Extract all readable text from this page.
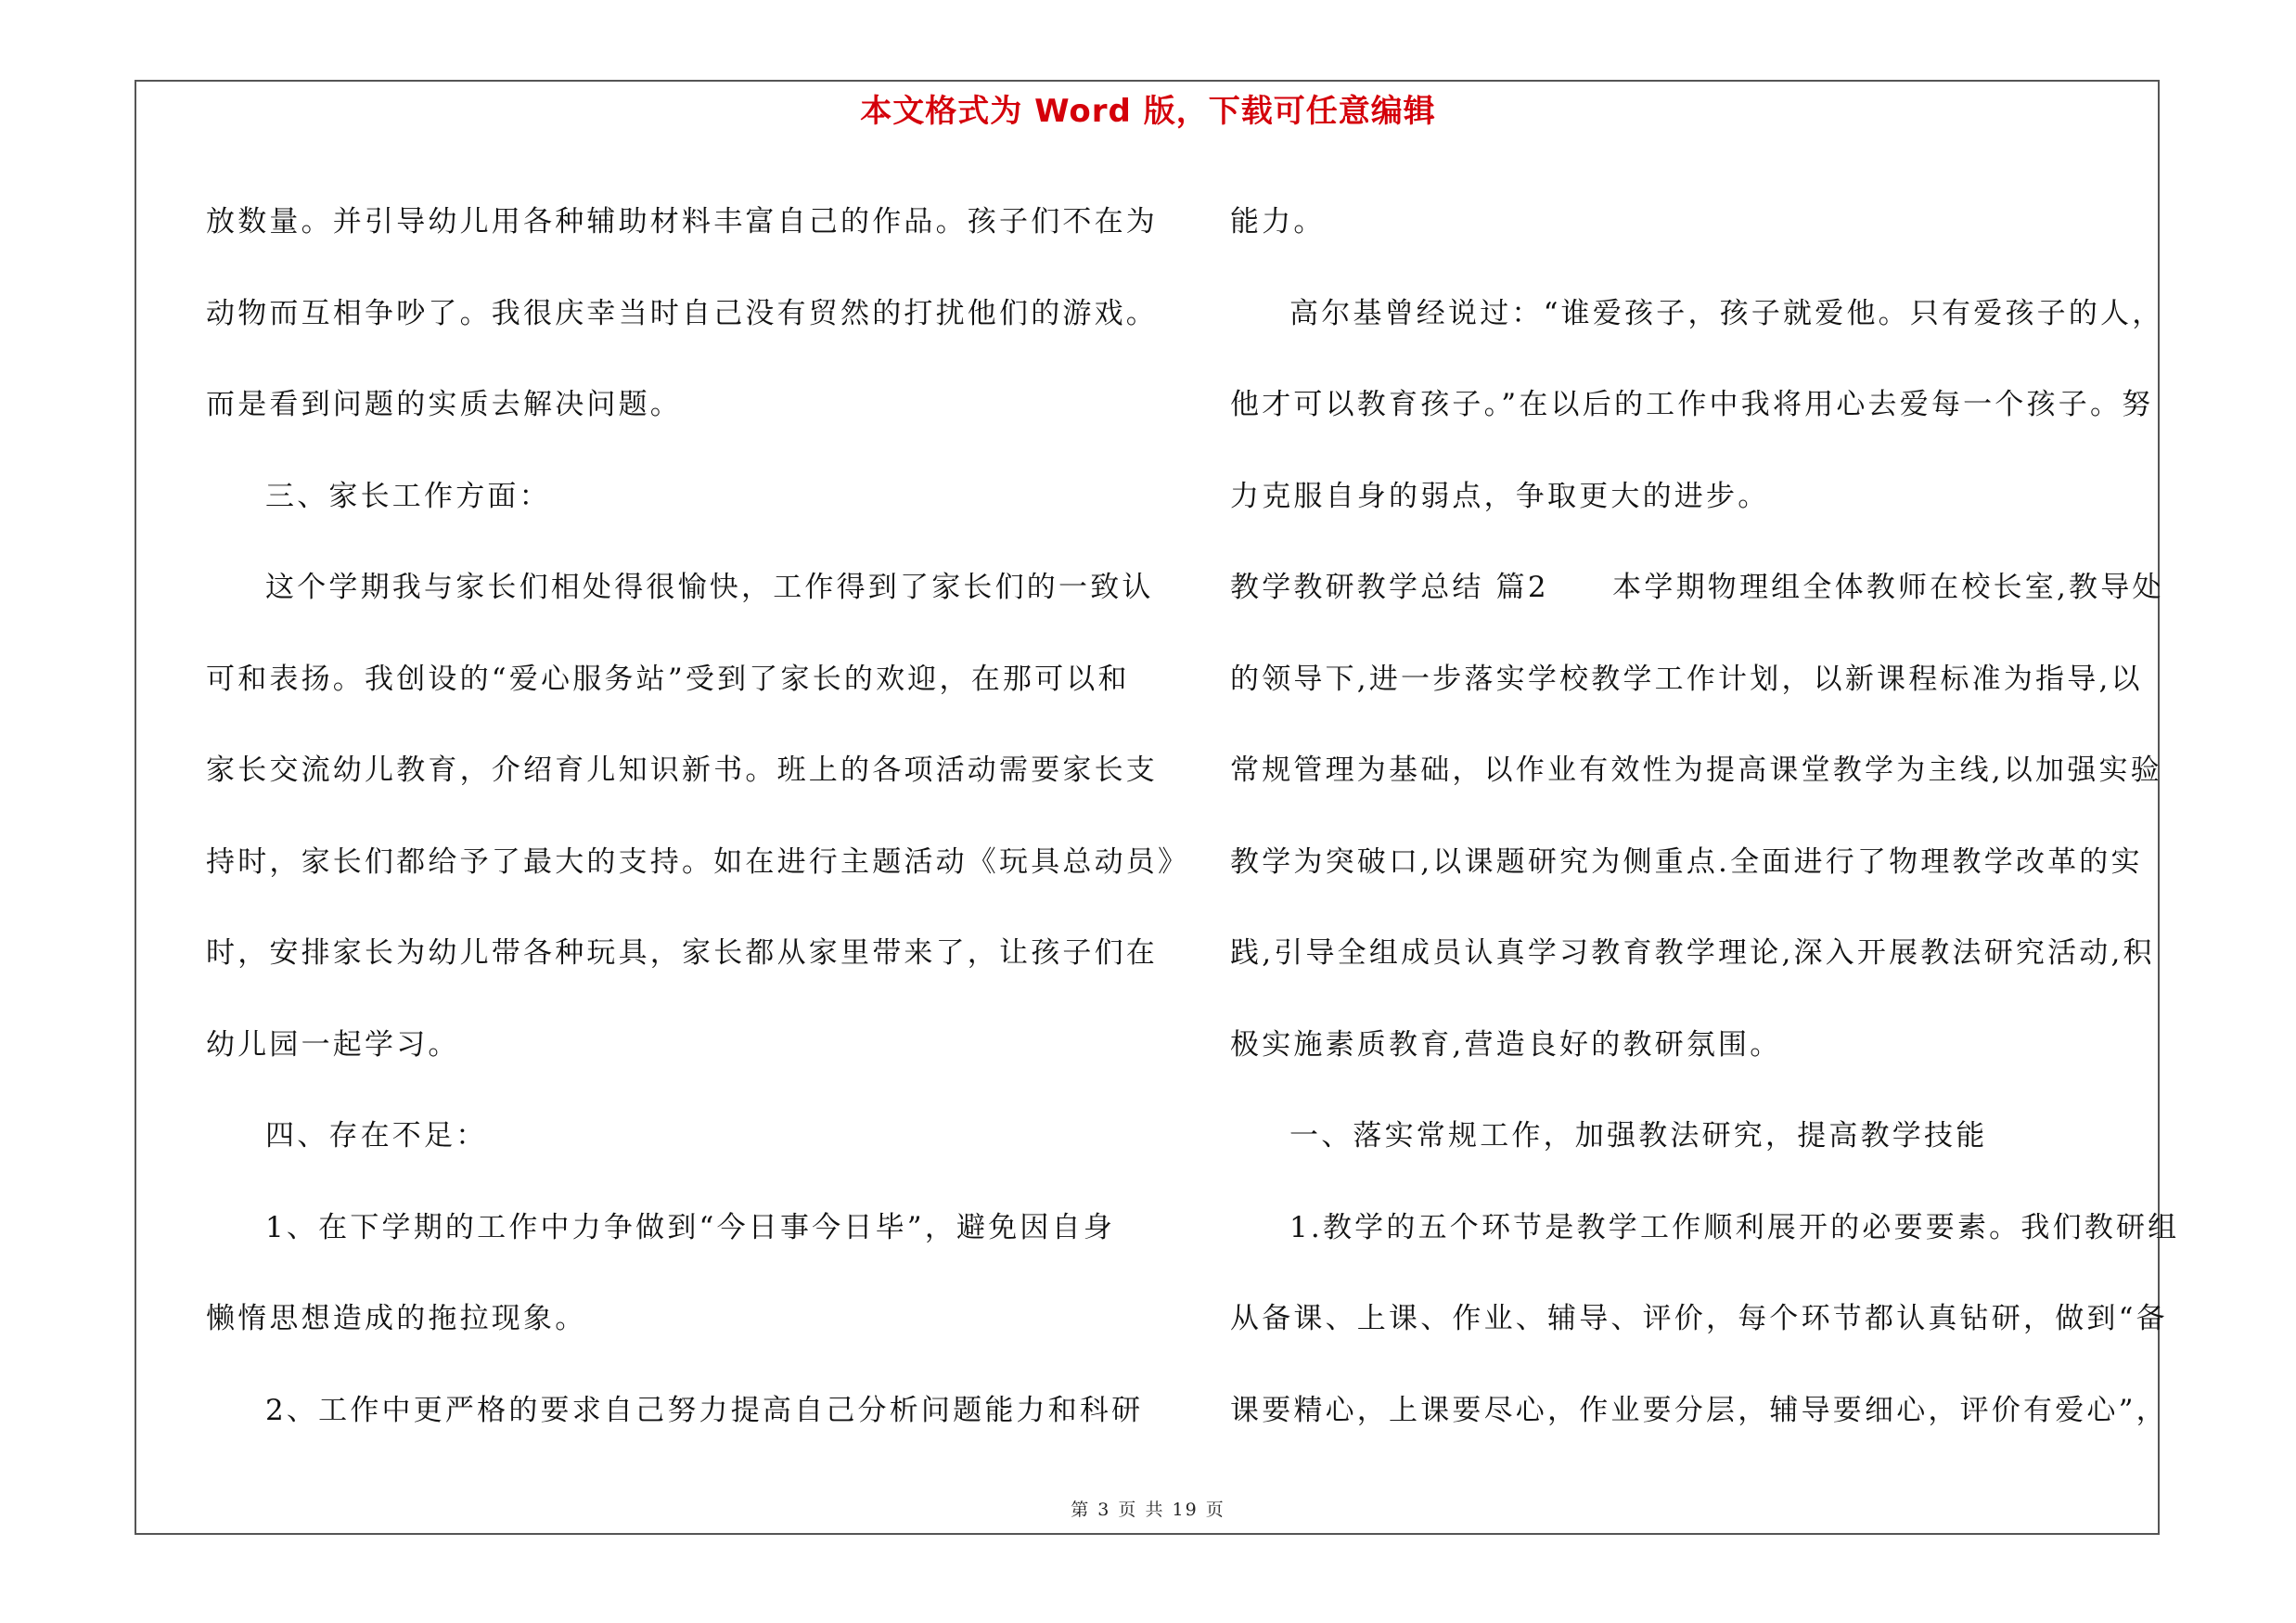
本文格式为 Word 版，下载可任意编辑
放数量。并引导幼儿用各种辅助材料丰富自己的作品。孩子们不在为
动物而互相争吵了。我很庆幸当时自己没有贸然的打扰他们的游戏。
而是看到问题的实质去解决问题。
三、家长工作方面：
这个学期我与家长们相处得很愉快，工作得到了家长们的一致认
可和表扬。我创设的“爱心服务站”受到了家长的欢迎，在那可以和
家长交流幼儿教育，介绍育儿知识新书。班上的各项活动需要家长支
持时，家长们都给予了最大的支持。如在进行主题活动《玩具总动员》
时，安排家长为幼儿带各种玩具，家长都从家里带来了，让孩子们在
幼儿园一起学习。
四、存在不足：
1、在下学期的工作中力争做到“今日事今日毕”，避免因自身
懒惰思想造成的拖拉现象。
2、工作中更严格的要求自己努力提高自己分析问题能力和科研
能力。
高尔基曾经说过：“谁爱孩子，孩子就爱他。只有爱孩子的人，
他才可以教育孩子。”在以后的工作中我将用心去爱每一个孩子。努
力克服自身的弱点，争取更大的进步。
教学教研教学总结 篇2　　本学期物理组全体教师在校长室,教导处
的领导下,进一步落实学校教学工作计划，以新课程标准为指导,以
常规管理为基础，以作业有效性为提高课堂教学为主线,以加强实验
教学为突破口,以课题研究为侧重点.全面进行了物理教学改革的实
践,引导全组成员认真学习教育教学理论,深入开展教法研究活动,积
极实施素质教育,营造良好的教研氛围。
一、落实常规工作，加强教法研究，提高教学技能
1.教学的五个环节是教学工作顺利展开的必要要素。我们教研组
从备课、上课、作业、辅导、评价，每个环节都认真钻研，做到“备
课要精心，上课要尽心，作业要分层，辅导要细心，评价有爱心”，
第 3 页 共 19 页
